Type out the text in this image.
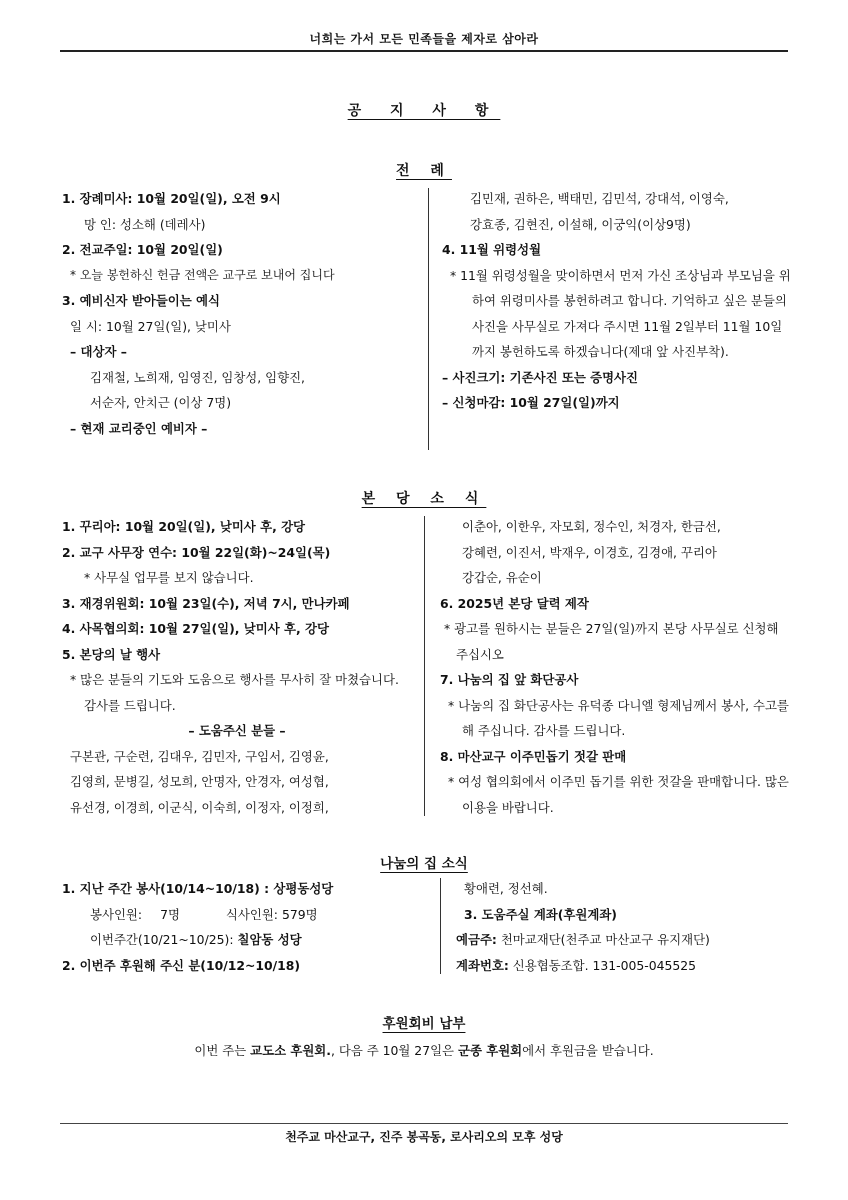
너희는 가서 모든 민족들을 제자로 삼아라
공 지 사 항
전 례
1. 장례미사: 10월 20일(일), 오전 9시
망 인: 성소해 (데레사)
2. 전교주일: 10월 20일(일)
* 오늘 봉헌하신 헌금 전액은 교구로 보내어 집니다
3. 예비신자 받아들이는 예식
일 시: 10월 27일(일), 낮미사
– 대상자 –
김재철, 노희재, 임영진, 임창성, 임향진,
서순자, 안치근 (이상 7명)
– 현재 교리중인 예비자 –
김민재, 권하은, 백태민, 김민석, 강대석, 이영숙,
강효종, 김현진, 이설해, 이궁익(이상9명)
4. 11월 위령성월
* 11월 위령성월을 맞이하면서 먼저 가신 조상님과 부모님을 위하여 위령미사를 봉헌하려고 합니다. 기억하고 싶은 분들의 사진을 사무실로 가져다 주시면 11월 2일부터 11월 10일까지 봉헌하도록 하겠습니다(제대 앞 사진부착).
– 사진크기: 기존사진 또는 증명사진
– 신청마감: 10월 27일(일)까지
본 당 소 식
1. 꾸리아: 10월 20일(일), 낮미사 후, 강당
2. 교구 사무장 연수: 10월 22일(화)~24일(목)
* 사무실 업무를 보지 않습니다.
3. 재경위원회: 10월 23일(수), 저녁 7시, 만나카페
4. 사목협의회: 10월 27일(일), 낮미사 후, 강당
5. 본당의 날 행사
* 많은 분들의 기도와 도움으로 행사를 무사히 잘 마쳤습니다. 감사를 드립니다.
– 도움주신 분들 –
구본관, 구순련, 김대우, 김민자, 구임서, 김영윤,
김영희, 문병길, 성모희, 안명자, 안경자, 여성협,
유선경, 이경희, 이군식, 이숙희, 이정자, 이정희,
이춘아, 이한우, 자모회, 정수인, 처경자, 한금선,
강혜련, 이진서, 박재우, 이경호, 김경애, 꾸리아
강갑순, 유순이
6. 2025년 본당 달력 제작
* 광고를 원하시는 분들은 27일(일)까지 본당 사무실로 신청해 주십시오
7. 나눔의 집 앞 화단공사
* 나눔의 집 화단공사는 유덕종 다니엘 형제님께서 봉사, 수고를 해 주십니다. 감사를 드립니다.
8. 마산교구 이주민돕기 젓갈 판매
* 여성 협의회에서 이주민 돕기를 위한 젓갈을 판매합니다. 많은 이용을 바랍니다.
나눔의 집 소식
1. 지난 주간 봉사(10/14~10/18) : 상평동성당
봉사인원: 7명	식사인원: 579명
이번주간(10/21~10/25): 칠암동 성당
2. 이번주 후원해 주신 분(10/12~10/18)
황애련, 정선혜.
3. 도움주실 계좌(후원계좌)
예금주: 천마교재단(천주교 마산교구 유지재단)
계좌번호: 신용협동조합. 131-005-045525
후원회비 납부
이번 주는 교도소 후원회., 다음 주 10월 27일은 군종 후원회에서 후원금을 받습니다.
천주교 마산교구, 진주 봉곡동, 로사리오의 모후 성당
